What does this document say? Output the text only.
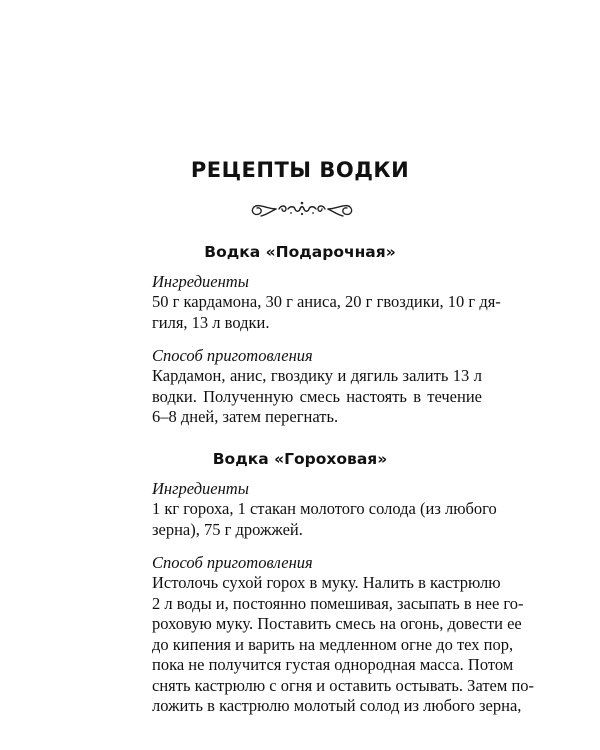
РЕЦЕПТЫ ВОДКИ
Водка «Подарочная»

Ингредиенты

50 г кардамона, 30 г аниса, 20 г гвоздики, 10 г дя-
гиля, 13 л водки.

Способ приготовления

Кардамон, анис, гвоздику и дягиль залить 13 л
водки. Полученную смесь настоять в течение
6–8 дней, затем перегнать.
Водка «Гороховая»

Ингредиенты

1 кг гороха, 1 стакан молотого солода (из любого
зерна), 75 г дрожжей.

Способ приготовления

Истолочь сухой горох в муку. Налить в кастрюлю
2 л воды и, постоянно помешивая, засыпать в нее го-
роховую муку. Поставить смесь на огонь, довести ее
до кипения и варить на медленном огне до тех пор,
пока не получится густая однородная масса. Потом
снять кастрюлю с огня и оставить остывать. Затем по-
ложить в кастрюлю молотый солод из любого зерна,
